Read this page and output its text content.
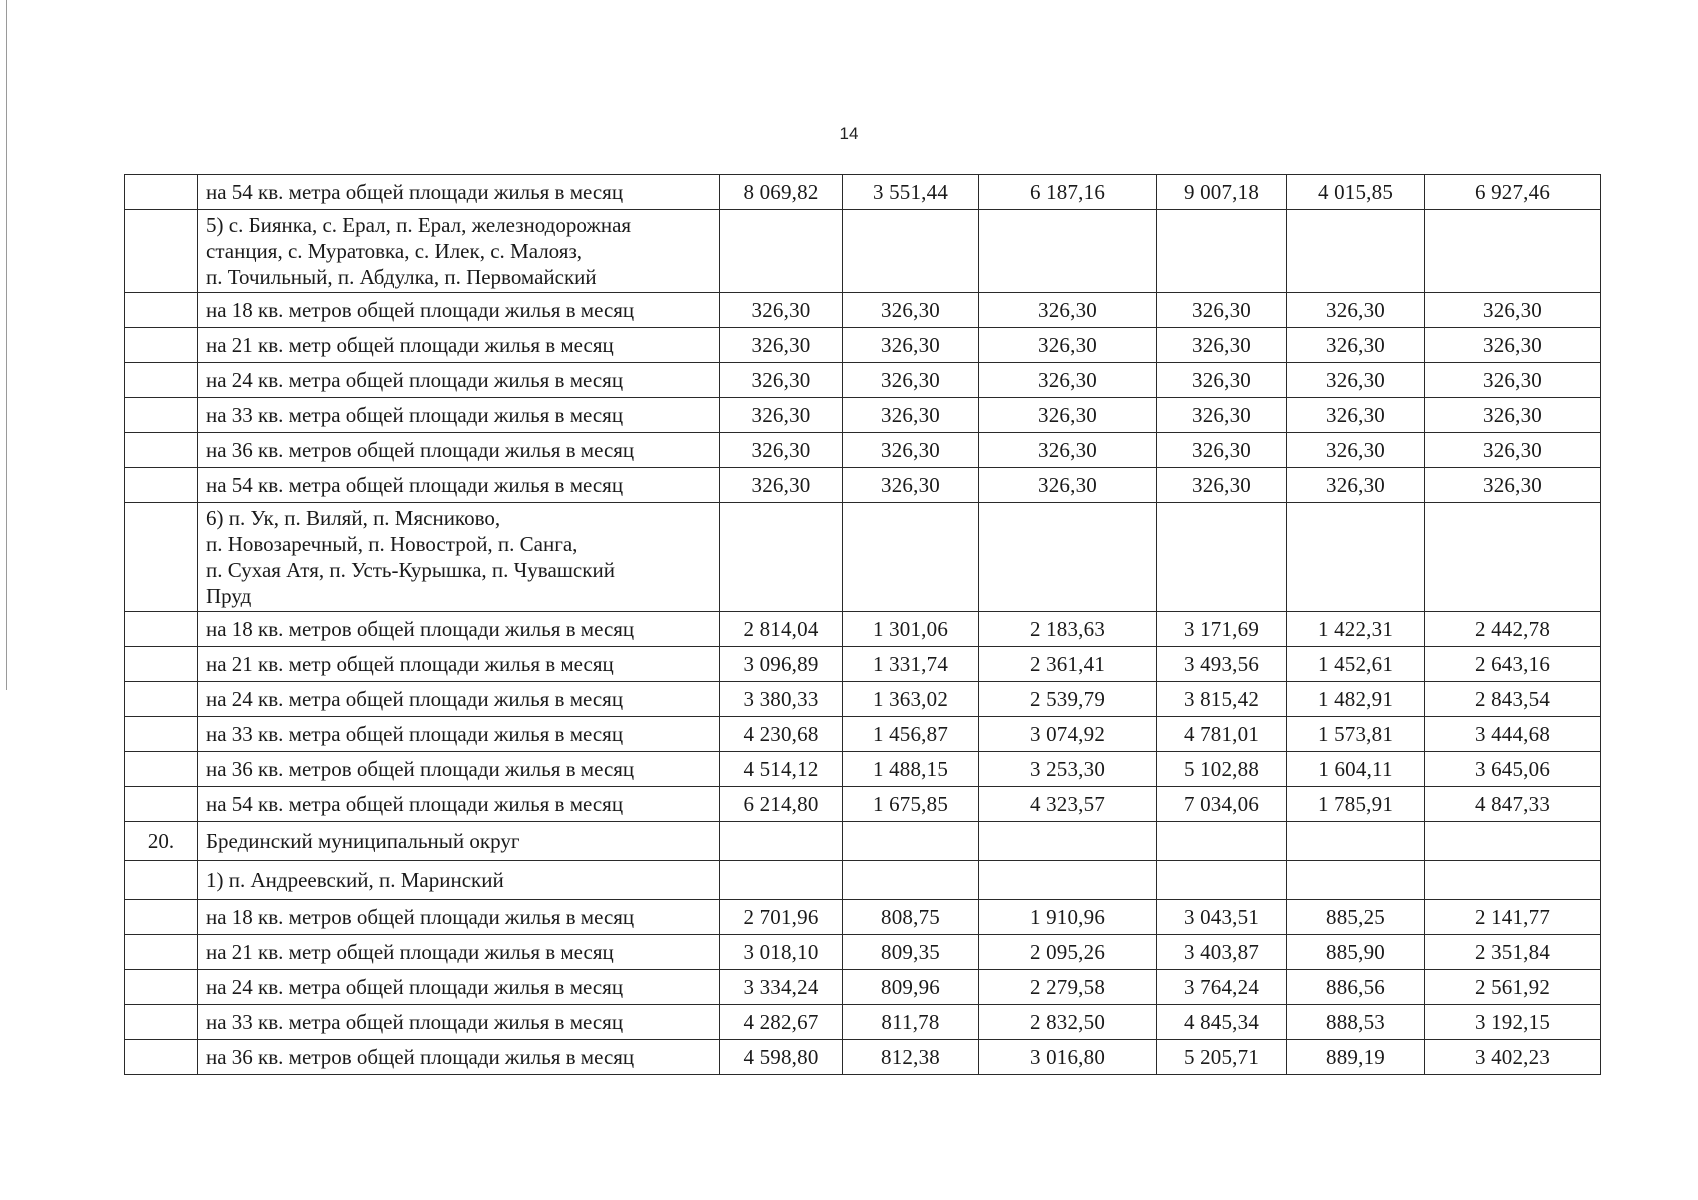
14
	на 54 кв. метра общей площади жилья в месяц	8 069,82	3 551,44	6 187,16	9 007,18	4 015,85	6 927,46

	5) с. Биянка, с. Ерал, п. Ерал, железнодорожная
станция, с. Муратовка, с. Илек, с. Малояз,
п. Точильный, п. Абдулка, п. Первомайский						

	на 18 кв. метров общей площади жилья в месяц	326,30	326,30	326,30	326,30	326,30	326,30
	на 21 кв. метр общей площади жилья в месяц	326,30	326,30	326,30	326,30	326,30	326,30
	на 24 кв. метра общей площади жилья в месяц	326,30	326,30	326,30	326,30	326,30	326,30
	на 33 кв. метра общей площади жилья в месяц	326,30	326,30	326,30	326,30	326,30	326,30
	на 36 кв. метров общей площади жилья в месяц	326,30	326,30	326,30	326,30	326,30	326,30
	на 54 кв. метра общей площади жилья в месяц	326,30	326,30	326,30	326,30	326,30	326,30

	6) п. Ук, п. Виляй, п. Мясниково,
п. Новозаречный, п. Новострой, п. Санга,
п. Сухая Атя, п. Усть-Курышка, п. Чувашский
Пруд						

	на 18 кв. метров общей площади жилья в месяц	2 814,04	1 301,06	2 183,63	3 171,69	1 422,31	2 442,78
	на 21 кв. метр общей площади жилья в месяц	3 096,89	1 331,74	2 361,41	3 493,56	1 452,61	2 643,16
	на 24 кв. метра общей площади жилья в месяц	3 380,33	1 363,02	2 539,79	3 815,42	1 482,91	2 843,54
	на 33 кв. метра общей площади жилья в месяц	4 230,68	1 456,87	3 074,92	4 781,01	1 573,81	3 444,68
	на 36 кв. метров общей площади жилья в месяц	4 514,12	1 488,15	3 253,30	5 102,88	1 604,11	3 645,06
	на 54 кв. метра общей площади жилья в месяц	6 214,80	1 675,85	4 323,57	7 034,06	1 785,91	4 847,33
20.	Брединский муниципальный округ						

	1) п. Андреевский, п. Маринский						

	на 18 кв. метров общей площади жилья в месяц	2 701,96	808,75	1 910,96	3 043,51	885,25	2 141,77
	на 21 кв. метр общей площади жилья в месяц	3 018,10	809,35	2 095,26	3 403,87	885,90	2 351,84
	на 24 кв. метра общей площади жилья в месяц	3 334,24	809,96	2 279,58	3 764,24	886,56	2 561,92
	на 33 кв. метра общей площади жилья в месяц	4 282,67	811,78	2 832,50	4 845,34	888,53	3 192,15
	на 36 кв. метров общей площади жилья в месяц	4 598,80	812,38	3 016,80	5 205,71	889,19	3 402,23
